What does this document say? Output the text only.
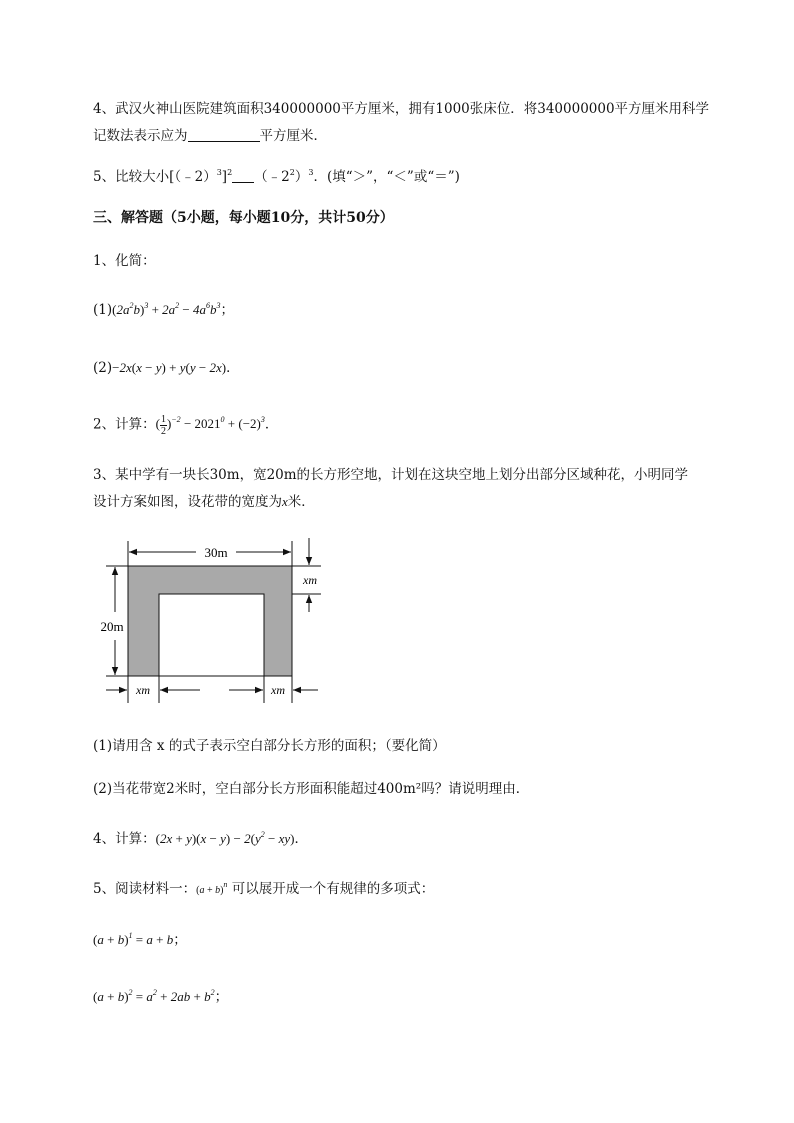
4、武汉火神山医院建筑面积340000000平方厘米，拥有1000张床位．将340000000平方厘米用科学
记数法表示应为	平方厘米．
5、比较大小[（﹣2）$^3$]$^2$ $(﹣2^2)^3$．(填“＞”，“＜”或“＝”)
三、解答题（5小题，每小题10分，共计50分）
1、化简：
$(1)(2a^2b)^3 + 2a^2 - 4a^6b^3$；
(2)−2x(x − y) + y(y − 2x)．
2、计算：( $\frac{1}{2} )^{-2} - 2021^0 + (-2)^3$．
3、某中学有一块长30m，宽20m的长方形空地，计划在这块空地上划分出部分区域种花，小明同学
设计方案如图，设花带的宽度为x米．
30m
20m
xm
xm	xm
(1)请用含 x 的式子表示空白部分长方形的面积；（要化简）
(2)当花带宽2米时，空白部分长方形面积能超过400m²吗？请说明理由．
4、计算：$(2x + y)(x - y) - 2(y^2 - xy)$．
5、阅读材料一：$(a + b)^n$ 可以展开成一个有规律的多项式：
$(a + b)^1 = a + b$；
$(a + b)^2 = a^2 + 2ab + b^2$；
